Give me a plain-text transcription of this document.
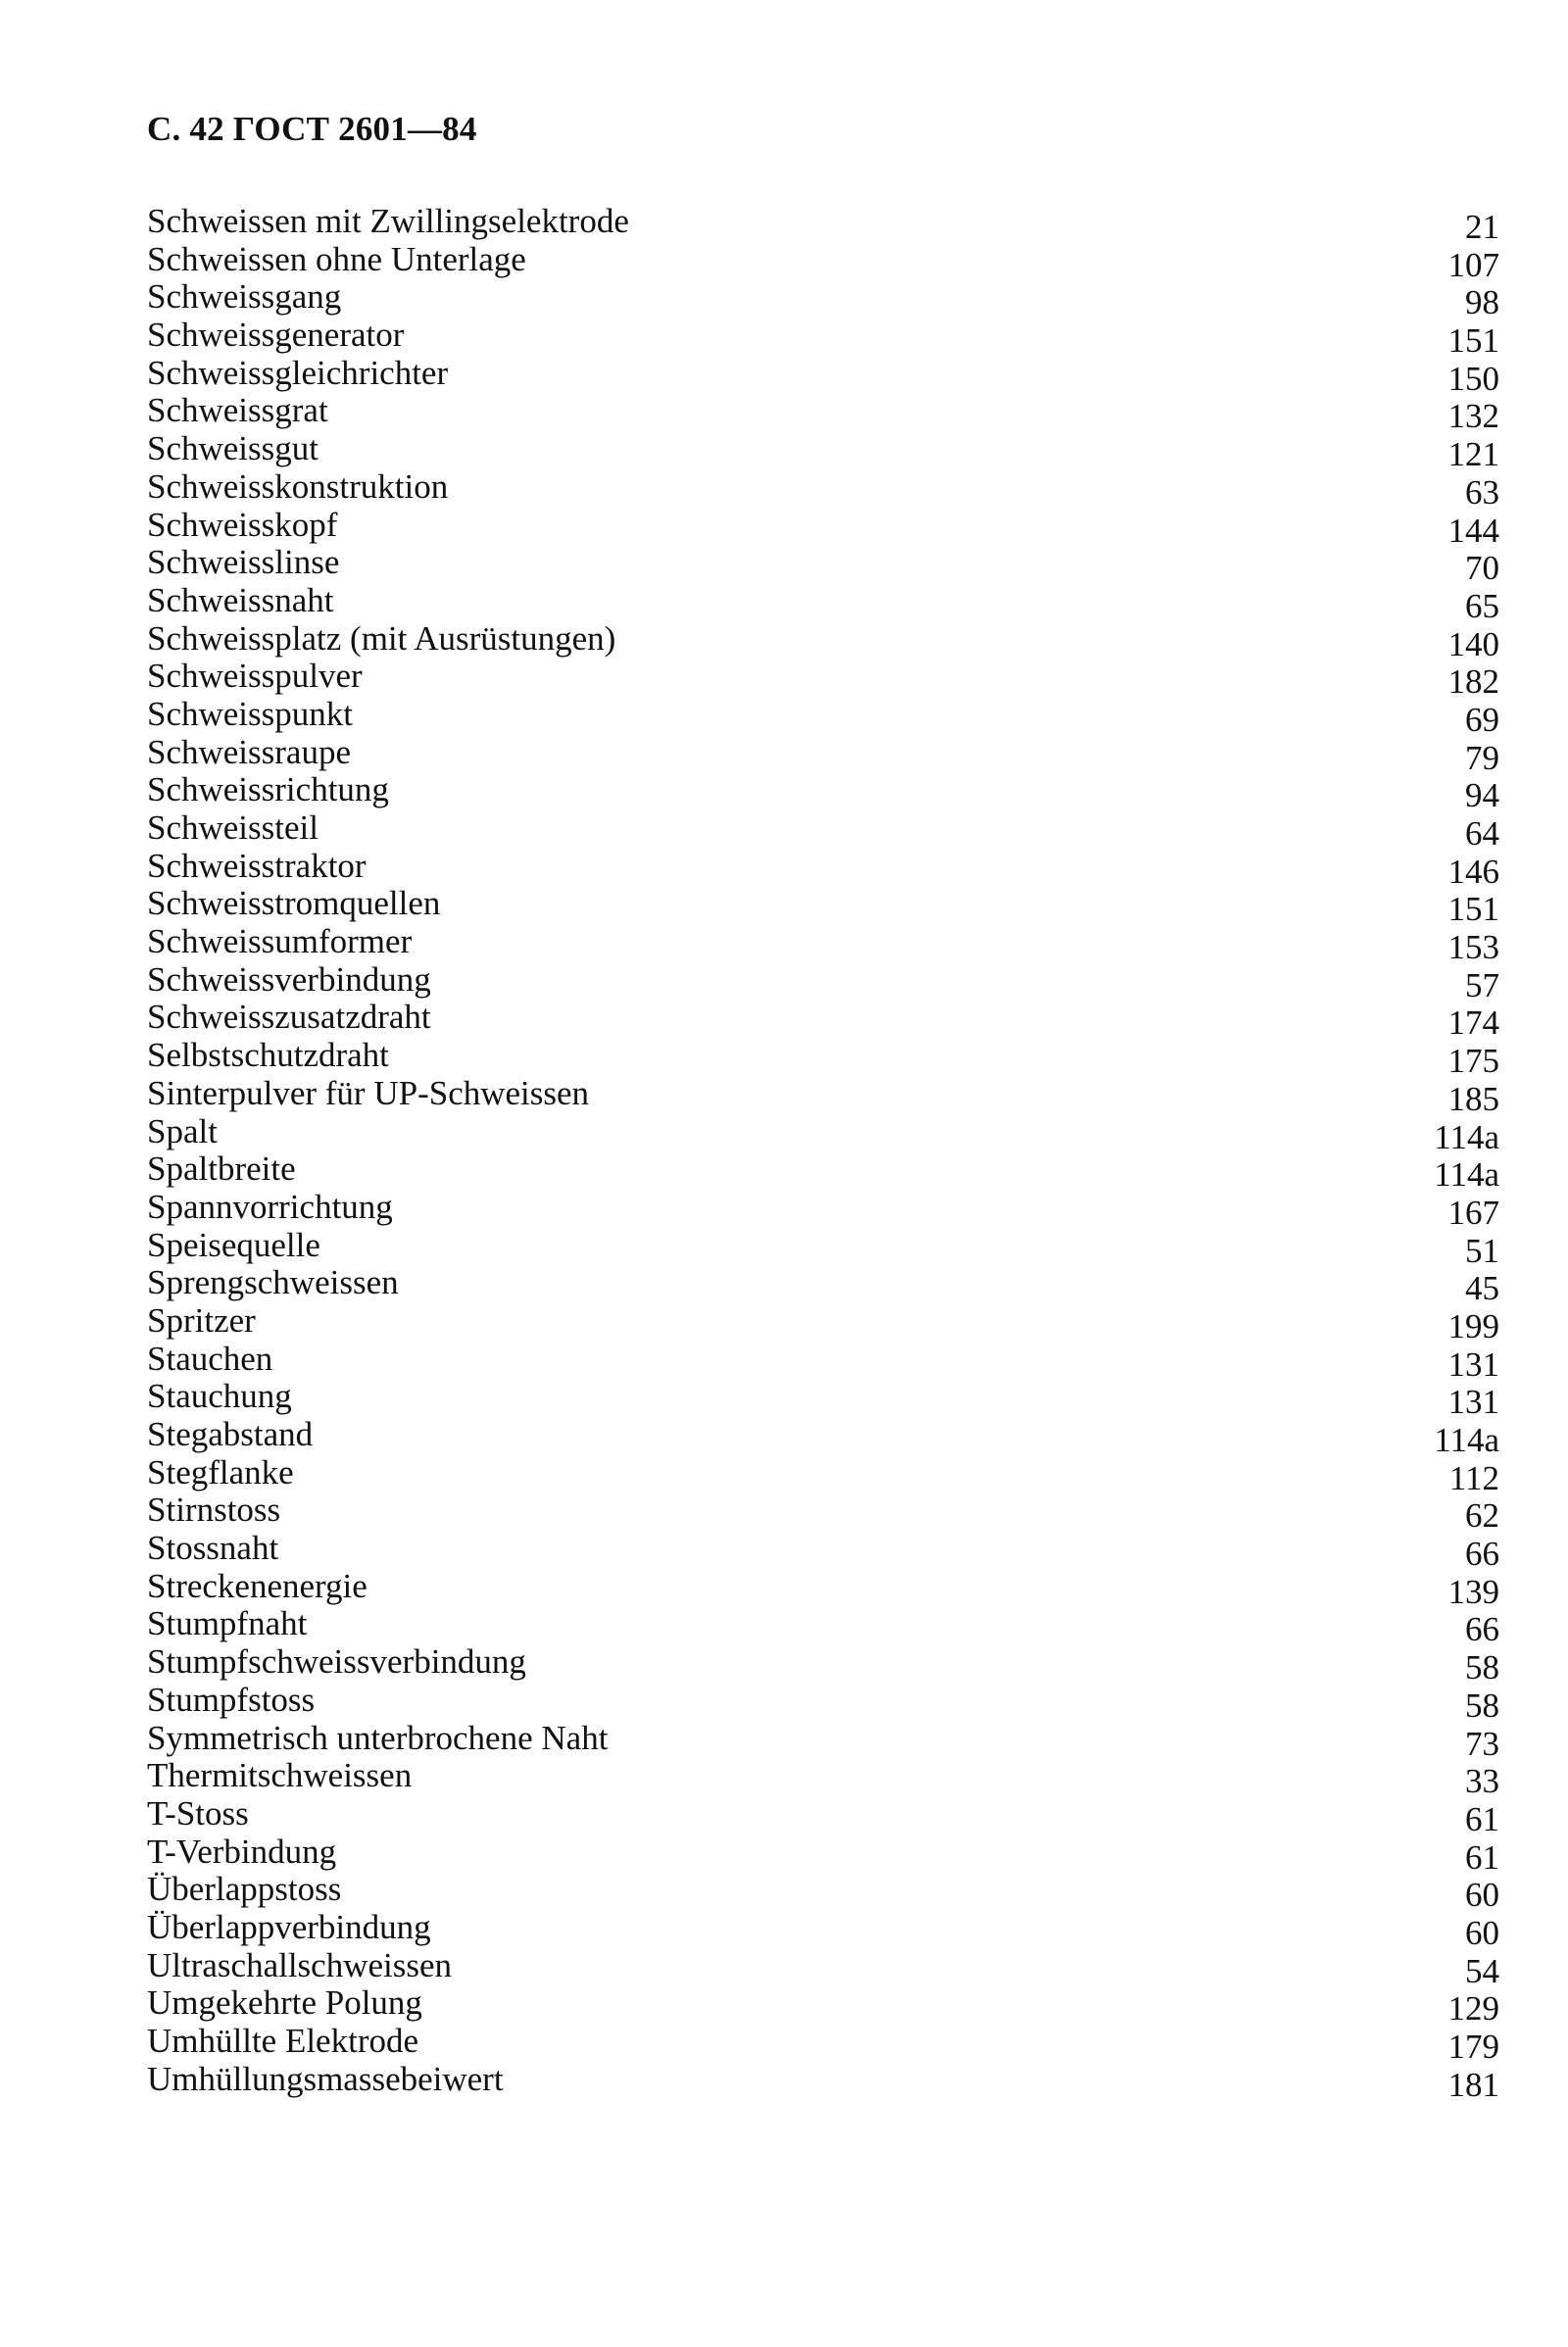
С. 42 ГОСТ 2601—84
Schweissen mit Zwillingselektrode	21
Schweissen ohne Unterlage	107
Schweissgang	98
Schweissgenerator	151
Schweissgleichrichter	150
Schweissgrat	132
Schweissgut	121
Schweisskonstruktion	63
Schweisskopf	144
Schweisslinse	70
Schweissnaht	65
Schweissplatz (mit Ausrüstungen)	140
Schweisspulver	182
Schweisspunkt	69
Schweissraupe	79
Schweissrichtung	94
Schweissteil	64
Schweisstraktor	146
Schweisstromquellen	151
Schweissumformer	153
Schweissverbindung	57
Schweisszusatzdraht	174
Selbstschutzdraht	175
Sinterpulver für UP-Schweissen	185
Spalt	114a
Spaltbreite	114a
Spannvorrichtung	167
Speisequelle	51
Sprengschweissen	45
Spritzer	199
Stauchen	131
Stauchung	131
Stegabstand	114a
Stegflanke	112
Stirnstoss	62
Stossnaht	66
Streckenenergie	139
Stumpfnaht	66
Stumpfschweissverbindung	58
Stumpfstoss	58
Symmetrisch unterbrochene Naht	73
Thermitschweissen	33
T-Stoss	61
T-Verbindung	61
Überlappstoss	60
Überlappverbindung	60
Ultraschallschweissen	54
Umgekehrte Polung	129
Umhüllte Elektrode	179
Umhüllungsmassebeiwert	181
